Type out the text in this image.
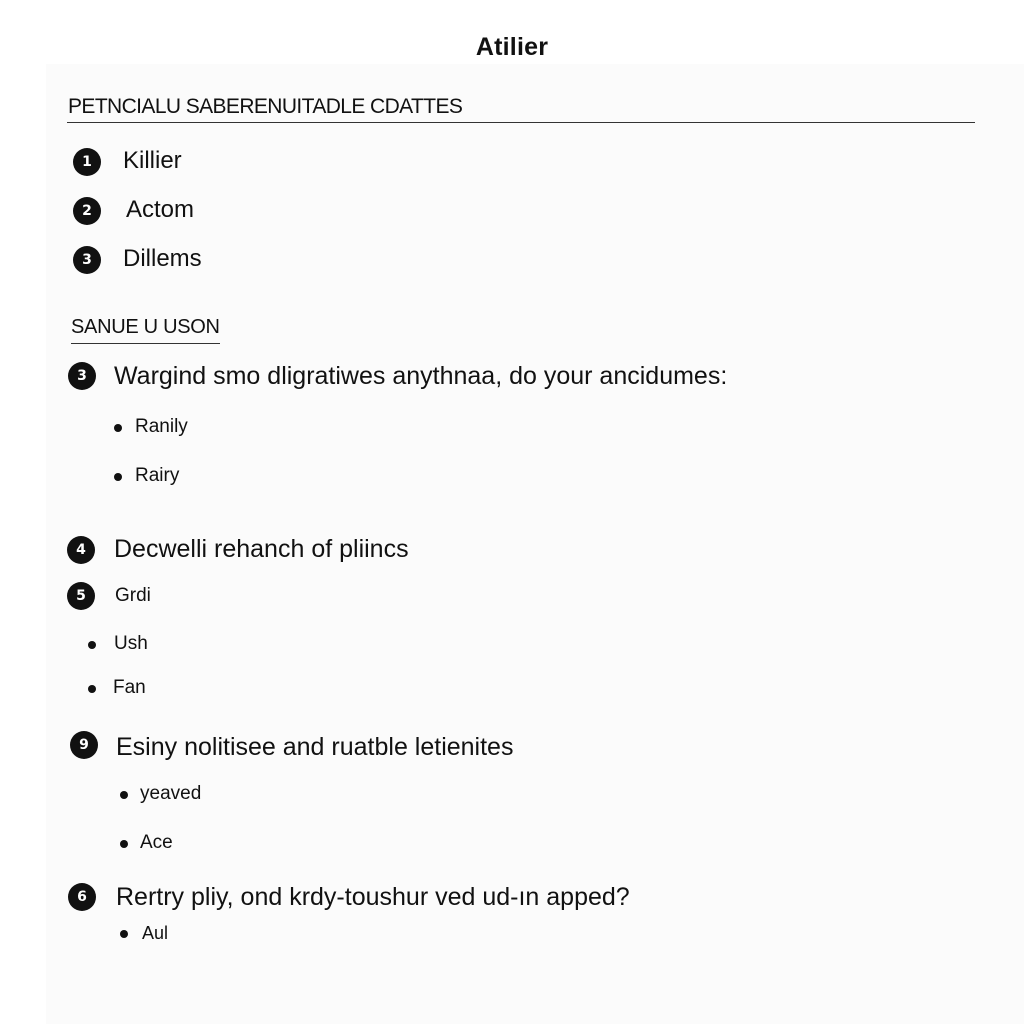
Atilier
PETNCIALU SABERENUITADLE CDATTES
1	Killier
2	Actom
3	Dillems
SANUE U USON
3	Wargind smo dligratiwes anythnaa, do your ancidumes:
Ranily
Rairy
4	Decwelli rehanch of pliincs
5	Grdi
Ush
Fan
9	Esiny nolitisee and ruatble letienites
yeaved
Ace
6	Rertry pliy, ond krdy-toushur ved ud-ın apped?
Aul
